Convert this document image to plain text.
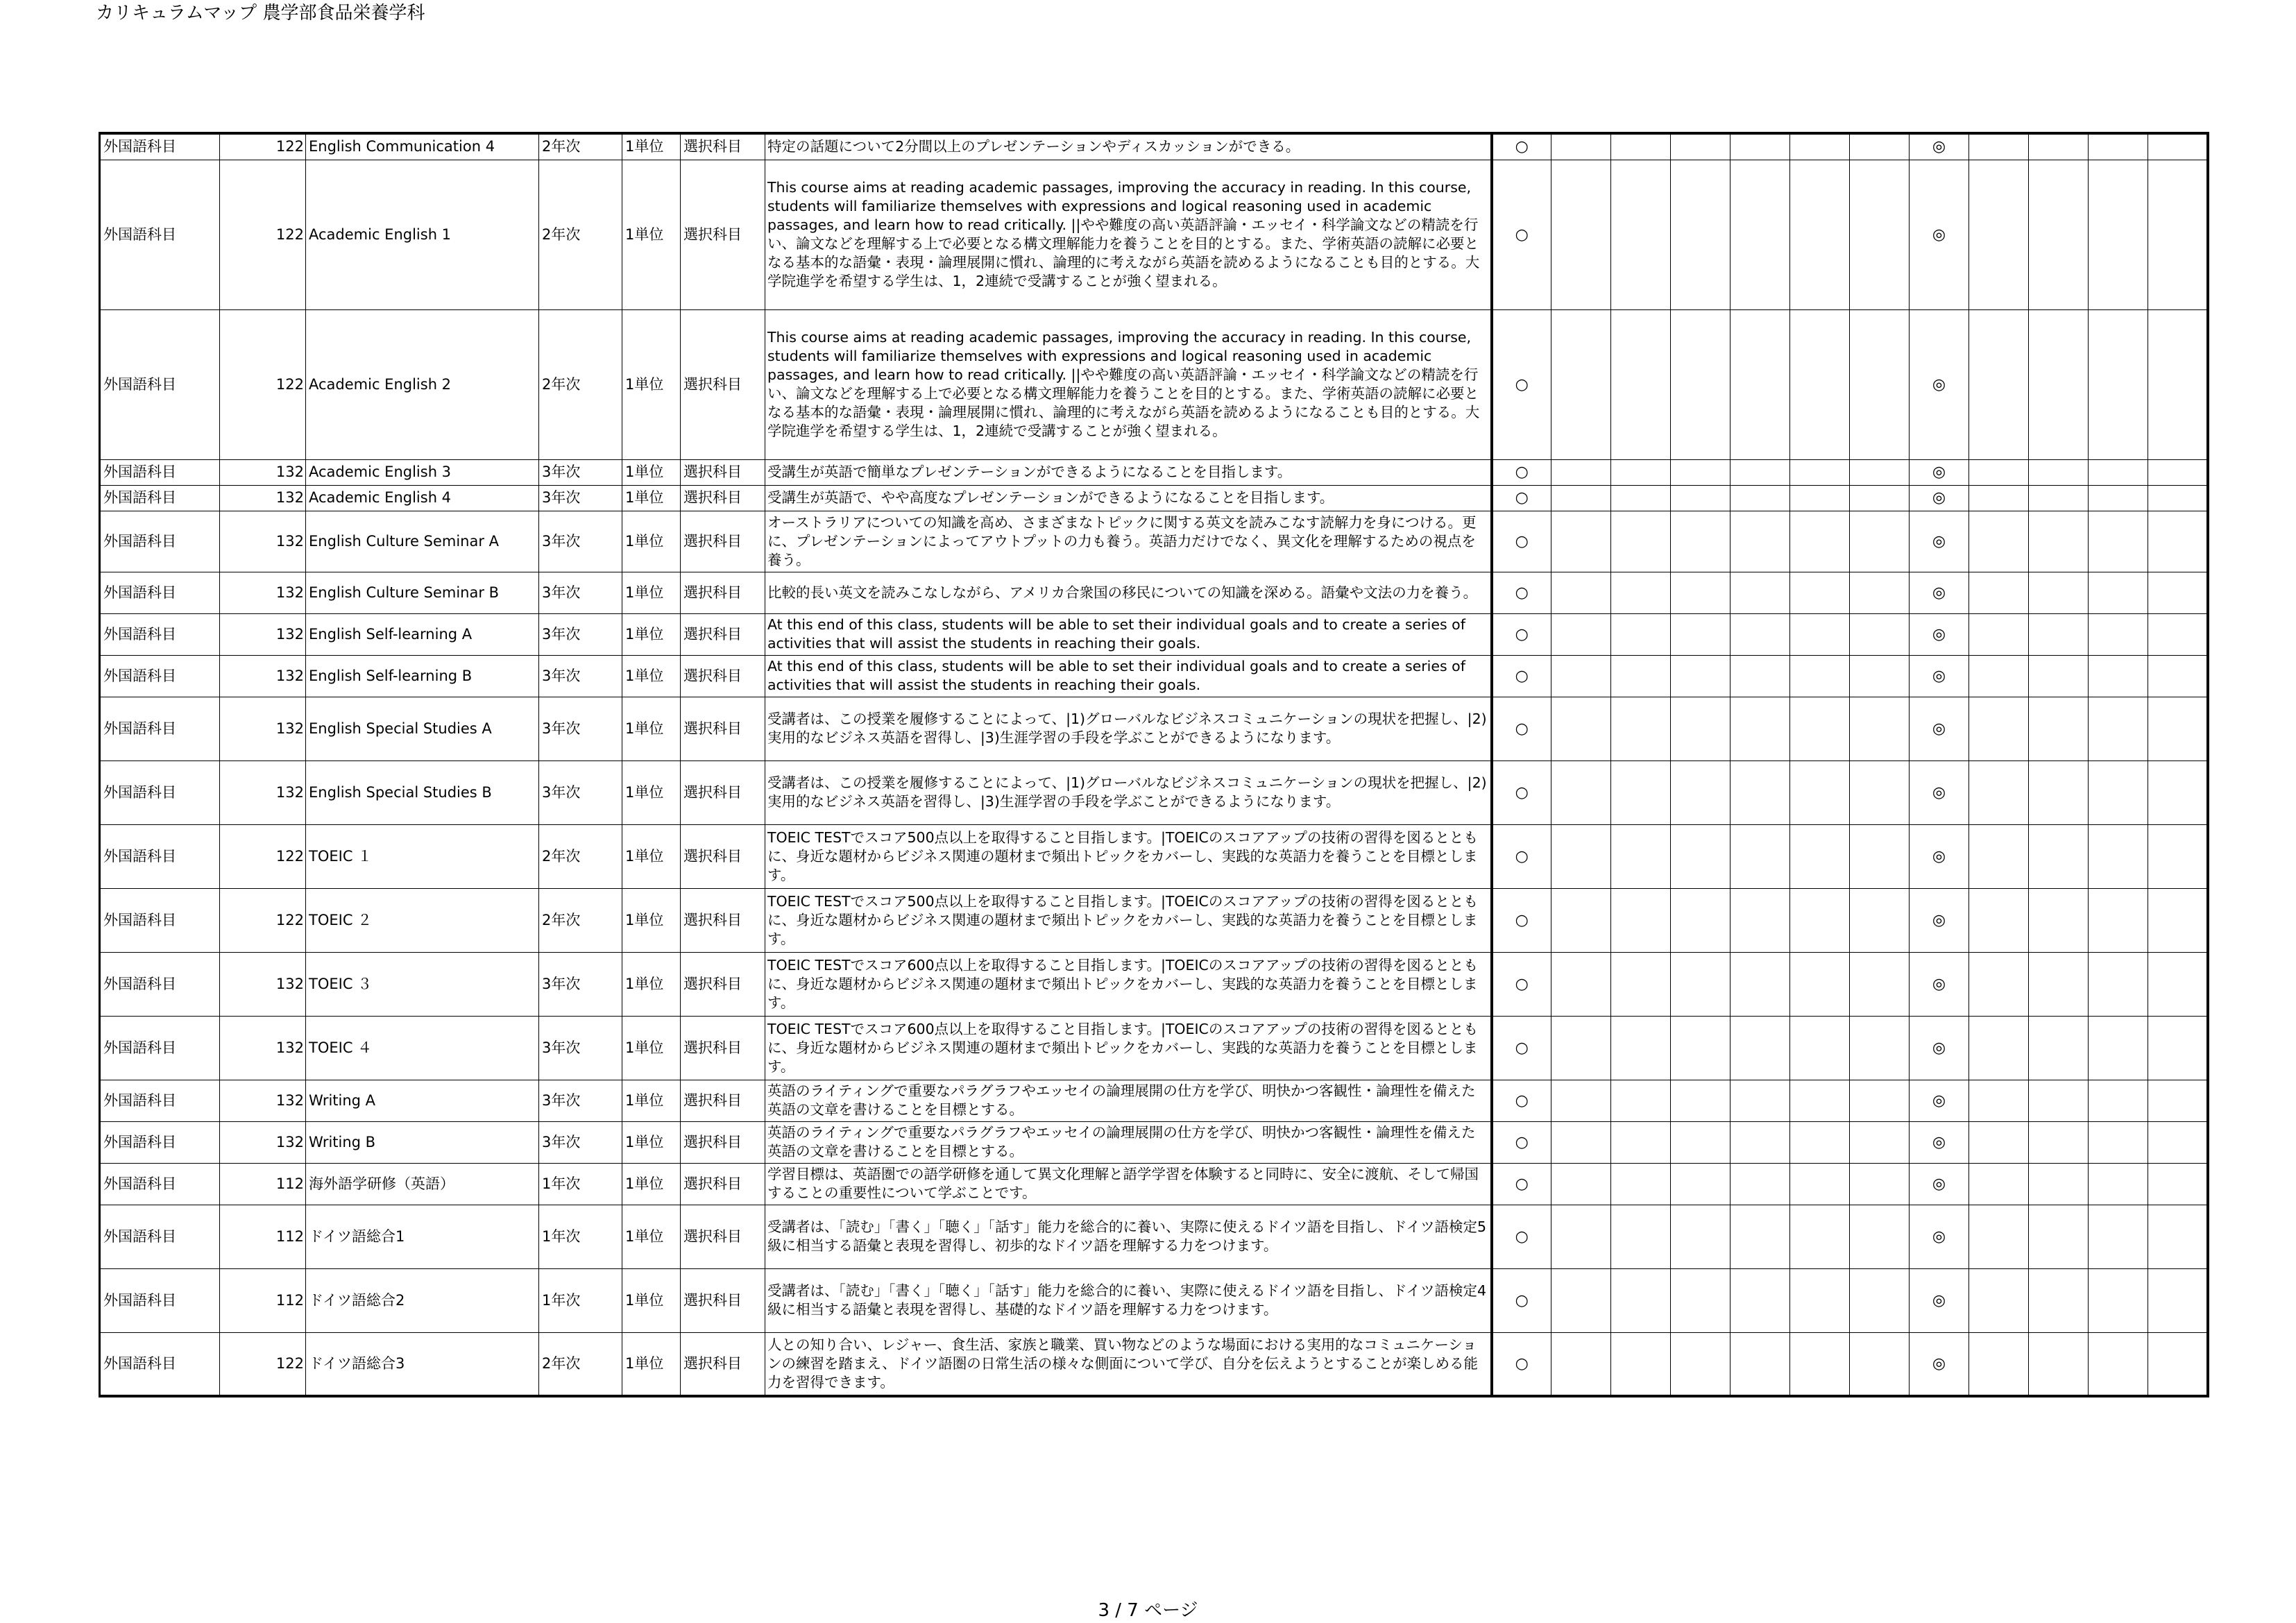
カリキュラムマップ 農学部食品栄養学科
外国語科目	122	English Communication 4	2年次	1単位	選択科目	特定の話題について2分間以上のプレゼンテーションやディスカッションができる。	○							◎				
外国語科目	122	Academic English 1	2年次	1単位	選択科目	This course aims at reading academic passages, improving the accuracy in reading. In this course, students will familiarize themselves with expressions and logical reasoning used in academic passages, and learn how to read critically. ||やや難度の高い英語評論・エッセイ・科学論文などの精読を行い、論文などを理解する上で必要となる構文理解能力を養うことを目的とする。また、学術英語の読解に必要となる基本的な語彙・表現・論理展開に慣れ、論理的に考えながら英語を読めるようになることも目的とする。大学院進学を希望する学生は、1，2連続で受講することが強く望まれる。	○							◎				
外国語科目	122	Academic English 2	2年次	1単位	選択科目	This course aims at reading academic passages, improving the accuracy in reading. In this course, students will familiarize themselves with expressions and logical reasoning used in academic passages, and learn how to read critically. ||やや難度の高い英語評論・エッセイ・科学論文などの精読を行い、論文などを理解する上で必要となる構文理解能力を養うことを目的とする。また、学術英語の読解に必要となる基本的な語彙・表現・論理展開に慣れ、論理的に考えながら英語を読めるようになることも目的とする。大学院進学を希望する学生は、1，2連続で受講することが強く望まれる。	○							◎				
外国語科目	132	Academic English 3	3年次	1単位	選択科目	受講生が英語で簡単なプレゼンテーションができるようになることを目指します。	○							◎				
外国語科目	132	Academic English 4	3年次	1単位	選択科目	受講生が英語で、やや高度なプレゼンテーションができるようになることを目指します。	○							◎				
外国語科目	132	English Culture Seminar A	3年次	1単位	選択科目	オーストラリアについての知識を高め、さまざまなトピックに関する英文を読みこなす読解力を身につける。更に、プレゼンテーションによってアウトプットの力も養う。英語力だけでなく、異文化を理解するための視点を養う。	○							◎				
外国語科目	132	English Culture Seminar B	3年次	1単位	選択科目	比較的長い英文を読みこなしながら、アメリカ合衆国の移民についての知識を深める。語彙や文法の力を養う。	○							◎				
外国語科目	132	English Self-learning A	3年次	1単位	選択科目	At this end of this class, students will be able to set their individual goals and to create a series of activities that will assist the students in reaching their goals.	○							◎				
外国語科目	132	English Self-learning B	3年次	1単位	選択科目	At this end of this class, students will be able to set their individual goals and to create a series of activities that will assist the students in reaching their goals.	○							◎				
外国語科目	132	English Special Studies A	3年次	1単位	選択科目	受講者は、この授業を履修することによって、|1)グローバルなビジネスコミュニケーションの現状を把握し、|2)実用的なビジネス英語を習得し、|3)生涯学習の手段を学ぶことができるようになります。	○							◎				
外国語科目	132	English Special Studies B	3年次	1単位	選択科目	受講者は、この授業を履修することによって、|1)グローバルなビジネスコミュニケーションの現状を把握し、|2)実用的なビジネス英語を習得し、|3)生涯学習の手段を学ぶことができるようになります。	○							◎				
外国語科目	122	TOEIC １	2年次	1単位	選択科目	TOEIC TESTでスコア500点以上を取得すること目指します。|TOEICのスコアアップの技術の習得を図るとともに、身近な題材からビジネス関連の題材まで頻出トピックをカバーし、実践的な英語力を養うことを目標とします。	○							◎				
外国語科目	122	TOEIC ２	2年次	1単位	選択科目	TOEIC TESTでスコア500点以上を取得すること目指します。|TOEICのスコアアップの技術の習得を図るとともに、身近な題材からビジネス関連の題材まで頻出トピックをカバーし、実践的な英語力を養うことを目標とします。	○							◎				
外国語科目	132	TOEIC ３	3年次	1単位	選択科目	TOEIC TESTでスコア600点以上を取得すること目指します。|TOEICのスコアアップの技術の習得を図るとともに、身近な題材からビジネス関連の題材まで頻出トピックをカバーし、実践的な英語力を養うことを目標とします。	○							◎				
外国語科目	132	TOEIC ４	3年次	1単位	選択科目	TOEIC TESTでスコア600点以上を取得すること目指します。|TOEICのスコアアップの技術の習得を図るとともに、身近な題材からビジネス関連の題材まで頻出トピックをカバーし、実践的な英語力を養うことを目標とします。	○							◎				
外国語科目	132	Writing A	3年次	1単位	選択科目	英語のライティングで重要なパラグラフやエッセイの論理展開の仕方を学び、明快かつ客観性・論理性を備えた英語の文章を書けることを目標とする。	○							◎				
外国語科目	132	Writing B	3年次	1単位	選択科目	英語のライティングで重要なパラグラフやエッセイの論理展開の仕方を学び、明快かつ客観性・論理性を備えた英語の文章を書けることを目標とする。	○							◎				
外国語科目	112	海外語学研修（英語）	1年次	1単位	選択科目	学習目標は、英語圏での語学研修を通して異文化理解と語学学習を体験すると同時に、安全に渡航、そして帰国することの重要性について学ぶことです。	○							◎				
外国語科目	112	ドイツ語総合1	1年次	1単位	選択科目	受講者は、「読む」「書く」「聴く」「話す」能力を総合的に養い、実際に使えるドイツ語を目指し、ドイツ語検定5級に相当する語彙と表現を習得し、初歩的なドイツ語を理解する力をつけます。	○							◎				
外国語科目	112	ドイツ語総合2	1年次	1単位	選択科目	受講者は、「読む」「書く」「聴く」「話す」能力を総合的に養い、実際に使えるドイツ語を目指し、ドイツ語検定4級に相当する語彙と表現を習得し、基礎的なドイツ語を理解する力をつけます。	○							◎				
外国語科目	122	ドイツ語総合3	2年次	1単位	選択科目	人との知り合い、レジャー、食生活、家族と職業、買い物などのような場面における実用的なコミュニケーションの練習を踏まえ、ドイツ語圏の日常生活の様々な側面について学び、自分を伝えようとすることが楽しめる能力を習得できます。	○							◎				
3 / 7 ページ
